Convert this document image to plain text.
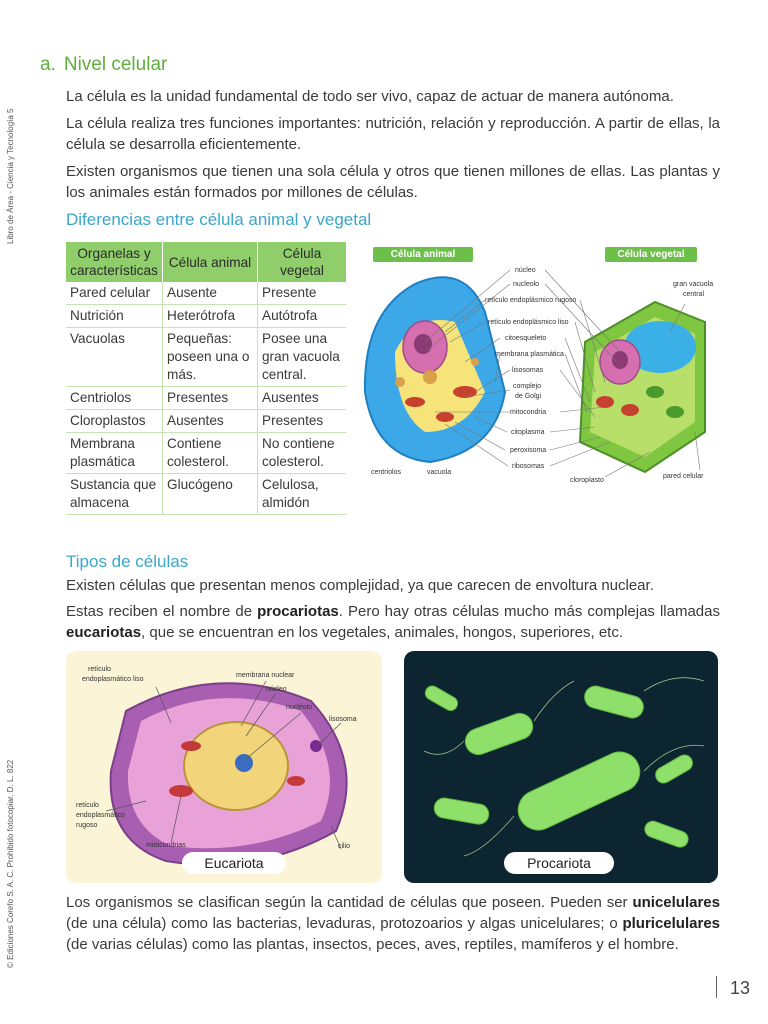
Libro de Área - Ciencia y Tecnología 5
© Ediciones Corefo S. A. C. Prohibido fotocopiar. D. L. 822
a. Nivel celular
La célula es la unidad fundamental de todo ser vivo, capaz de actuar de manera autónoma.
La célula realiza tres funciones importantes: nutrición, relación y reproducción. A partir de ellas, la célula se desarrolla eficientemente.
Existen organismos que tienen una sola célula y otros que tienen millones de ellas. Las plantas y los animales están formados por millones de células.
Diferencias entre célula animal y vegetal
Organelas y características	Célula animal	Célula vegetal
Pared celular	Ausente	Presente
Nutrición	Heterótrofa	Autótrofa
Vacuolas	Pequeñas: poseen una o más.	Posee una gran vacuola central.
Centriolos	Presentes	Ausentes
Cloroplastos	Ausentes	Presentes
Membrana plasmática	Contiene colesterol.	No contiene colesterol.
Sustancia que almacena	Glucógeno	Celulosa, almidón
Célula animal	Célula vegetal
núcleo
nucleolo
retículo endoplásmico rugoso
retículo endoplásmico liso
citoesqueleto
membrana plasmática
lisosomas
complejo
de Golgi
mitocondria
citoplasma
peroxisoma
ribosomas
centriolos	vacuola
cloroplasto
pared celular
gran vacuola
central
Tipos de células
Existen células que presentan menos complejidad, ya que carecen de envoltura nuclear.
Estas reciben el nombre de procariotas. Pero hay otras células mucho más complejas llamadas eucariotas, que se encuentran en los vegetales, animales, hongos, superiores, etc.
retículo
endoplasmático liso
membrana nuclear
núcleo
nucléolo
lisosoma
retículo
endoplasmático
rugoso
mitocondrias	cilio
Eucariota	Procariota
Los organismos se clasifican según la cantidad de células que poseen. Pueden ser unicelulares (de una célula) como las bacterias, levaduras, protozoarios y algas unicelulares; o pluricelulares (de varias células) como las plantas, insectos, peces, aves, reptiles, mamíferos y el hombre.
13
